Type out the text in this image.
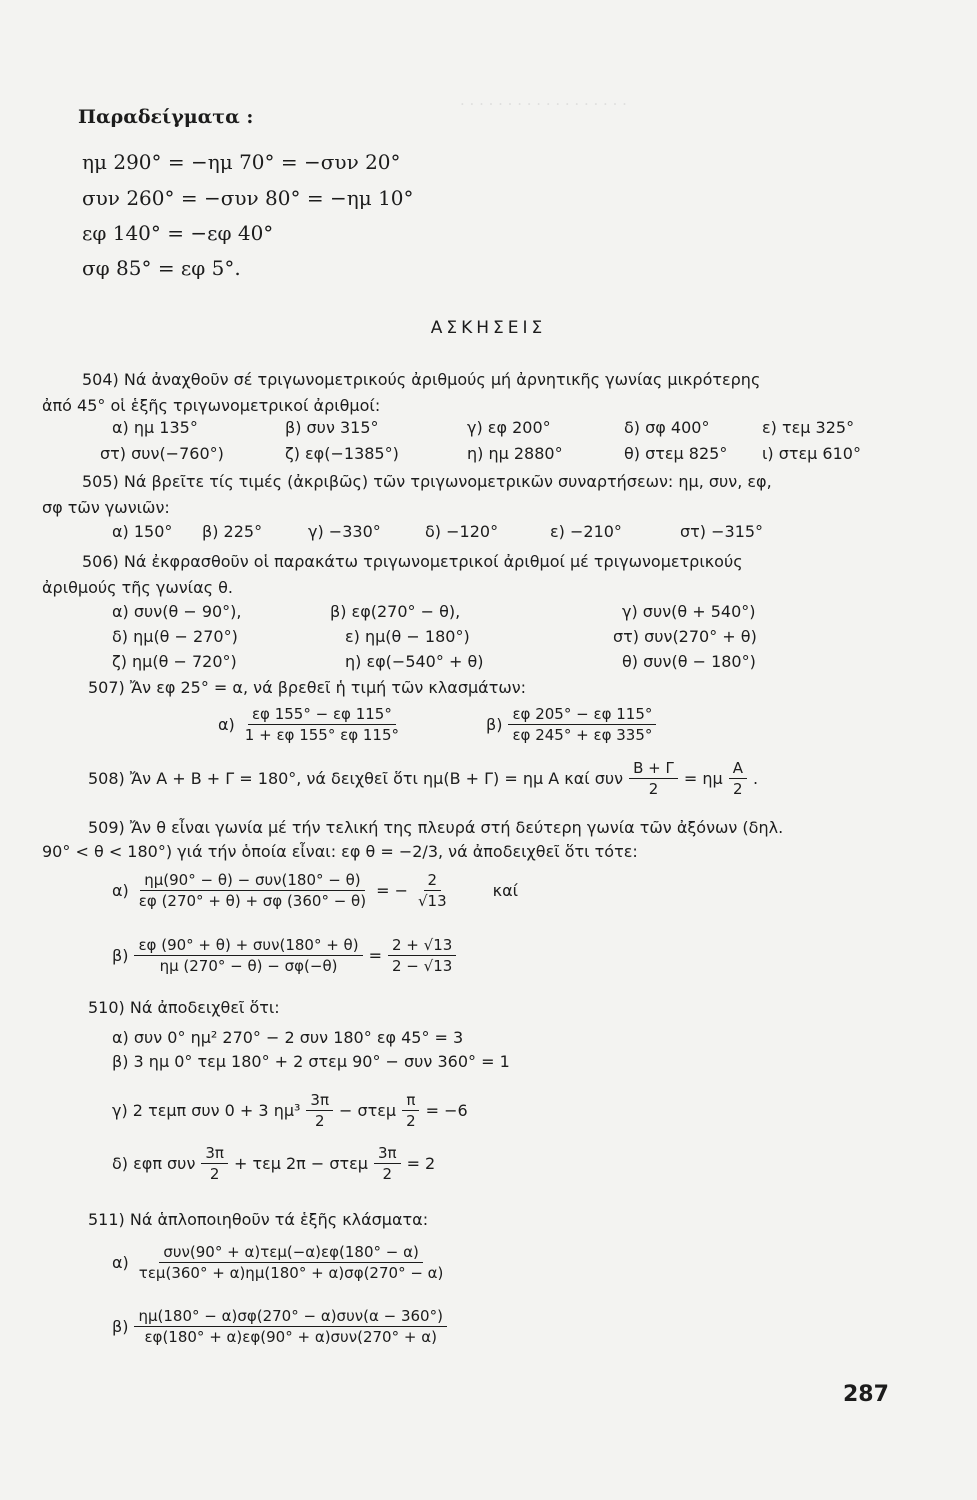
· · · · · · · · · · · · · · · · · ·
Παραδείγματα :
ημ 290° = −ημ 70° = −συν 20°
συν 260° = −συν 80° = −ημ 10°
εφ 140° = −εφ 40°
σφ 85° = εφ 5°.
ΑΣΚΗΣΕΙΣ
504) Νά ἀναχθοῦν σέ τριγωνομετρικούς ἀριθμούς μή ἀρνητικῆς γωνίας μικρότερης
ἀπό 45° οἱ ἑξῆς τριγωνομετρικοί ἀριθμοί:
α) ημ 135°	β) συν 315°	γ) εφ 200°	δ) σφ 400°	ε) τεμ 325°
στ) συν(−760°)	ζ) εφ(−1385°)	η) ημ 2880°	θ) στεμ 825° ι) στεμ 610°
505) Νά βρεῖτε τίς τιμές (ἀκριβῶς) τῶν τριγωνομετρικῶν συναρτήσεων: ημ, συν, εφ,
σφ τῶν γωνιῶν:
α) 150° β) 225°	γ) −330°	δ) −120°	ε) −210°	στ) −315°
506) Νά ἐκφρασθοῦν οἱ παρακάτω τριγωνομετρικοί ἀριθμοί μέ τριγωνομετρικούς
ἀριθμούς τῆς γωνίας θ.
α) συν(θ − 90°),	β) εφ(270° − θ),	γ) συν(θ + 540°)
δ) ημ(θ − 270°)	ε) ημ(θ − 180°)	στ) συν(270° + θ)
ζ) ημ(θ − 720°)	η) εφ(−540° + θ)	θ) συν(θ − 180°)
507) Ἄν εφ 25° = α, νά βρεθεῖ ἡ τιμή τῶν κλασμάτων:
$\alpha) \frac{\varepsilon\varphi 155^\circ - \varepsilon\varphi 115^\circ}{1 + \varepsilon\varphi 155^\circ \varepsilon\varphi 115^\circ}$	$\beta) \frac{\varepsilon\varphi 205^\circ - \varepsilon\varphi 115^\circ}{\varepsilon\varphi 245^\circ + \varepsilon\varphi 335^\circ}$
508) Ἄν Α + Β + Γ = 180°, νά δειχθεῖ ὅτι ημ(Β + Γ) = ημ Α καί συν $\frac{B + \Gamma}{2} = \eta\mu \frac{A}{2}$ .
509) Ἄν θ εἶναι γωνία μέ τήν τελική της πλευρά στή δεύτερη γωνία τῶν ἀξόνων (δηλ.
90° < θ < 180°) γιά τήν ὁποία εἶναι: εφ θ = −2/3, νά ἀποδειχθεῖ ὅτι τότε:
$\alpha) \frac{\text{ημ(90° − θ) − συν(180° − θ)}}{\varepsilon\varphi (270^\circ + \theta) + \sigma\varphi (360^\circ - \theta)}$ = − $\frac{2}{√13}$	καί
$\beta) \frac{\text{εφ (90° + θ) + συν(180° + θ)}}{\eta\mu (270^\circ - \theta) - \sigma\varphi(-\theta)} = \frac{2 + √13}{2 - √13}$
510) Νά ἀποδειχθεῖ ὅτι:
α) συν 0° ημ² 270° − 2 συν 180° εφ 45° = 3
β) 3 ημ 0° τεμ 180° + 2 στεμ 90° − συν 360° = 1
γ) 2 τεμπ συν 0 + 3 $\eta\mu^3 \frac{3\pi}{2} - \sigma\tau\varepsilon\mu \frac{\pi}{2} = -6$
δ) εφπ συν $\frac{3\pi}{2} + \tau\varepsilon\mu$ 2π − στεμ $\frac{3\pi}{2} = 2$
511) Νά ἁπλοποιηθοῦν τά ἑξῆς κλάσματα:
$\alpha) \frac{\text{συν(90° + α)τεμ(−α)εφ(180° − α)}}{\text{τεμ(360° + α)ημ(180° + α)σφ(270° − α)}}$
$\beta) \frac{\text{ημ(180° − α)σφ(270° − α)συν(α − 360°)}}{\text{εφ(180° + α)εφ(90° + α)συν(270° + α)}}$
287
